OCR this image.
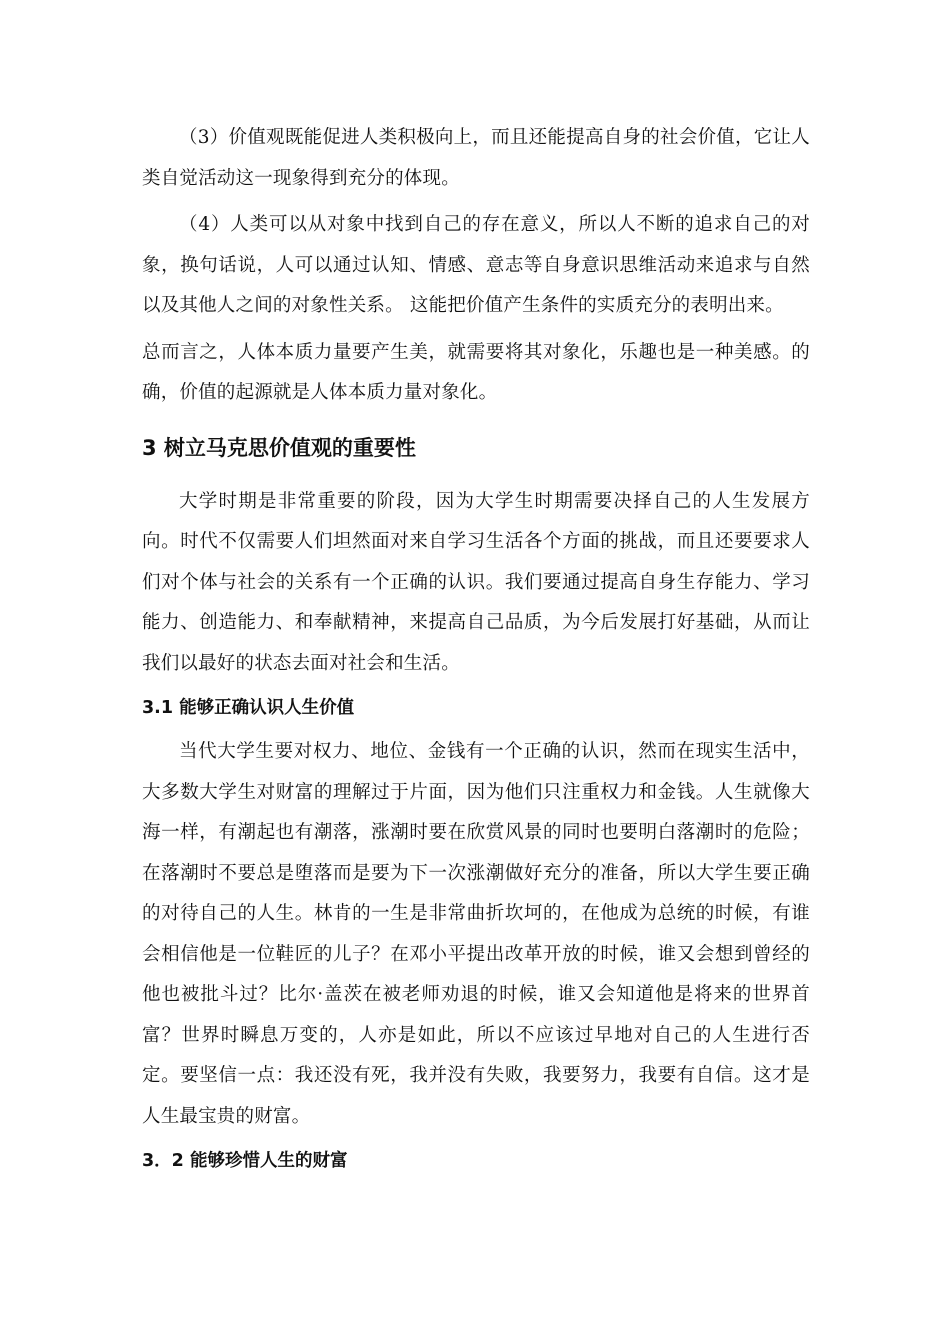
（3）价值观既能促进人类积极向上，而且还能提高自身的社会价值，它让人类自觉活动这一现象得到充分的体现。

（4）人类可以从对象中找到自己的存在意义，所以人不断的追求自己的对象，换句话说，人可以通过认知、情感、意志等自身意识思维活动来追求与自然以及其他人之间的对象性关系。 这能把价值产生条件的实质充分的表明出来。

总而言之，人体本质力量要产生美，就需要将其对象化，乐趣也是一种美感。的确，价值的起源就是人体本质力量对象化。

3 树立马克思价值观的重要性

大学时期是非常重要的阶段，因为大学生时期需要决择自己的人生发展方向。时代不仅需要人们坦然面对来自学习生活各个方面的挑战，而且还要要求人们对个体与社会的关系有一个正确的认识。我们要通过提高自身生存能力、学习能力、创造能力、和奉献精神，来提高自己品质，为今后发展打好基础，从而让我们以最好的状态去面对社会和生活。

3.1 能够正确认识人生价值

当代大学生要对权力、地位、金钱有一个正确的认识，然而在现实生活中，大多数大学生对财富的理解过于片面，因为他们只注重权力和金钱。人生就像大海一样，有潮起也有潮落，涨潮时要在欣赏风景的同时也要明白落潮时的危险；在落潮时不要总是堕落而是要为下一次涨潮做好充分的准备，所以大学生要正确的对待自己的人生。林肯的一生是非常曲折坎坷的，在他成为总统的时候，有谁会相信他是一位鞋匠的儿子？在邓小平提出改革开放的时候，谁又会想到曾经的他也被批斗过？比尔·盖茨在被老师劝退的时候，谁又会知道他是将来的世界首富？世界时瞬息万变的，人亦是如此，所以不应该过早地对自己的人生进行否定。要坚信一点：我还没有死，我并没有失败，我要努力，我要有自信。这才是人生最宝贵的财富。

3．2 能够珍惜人生的财富
